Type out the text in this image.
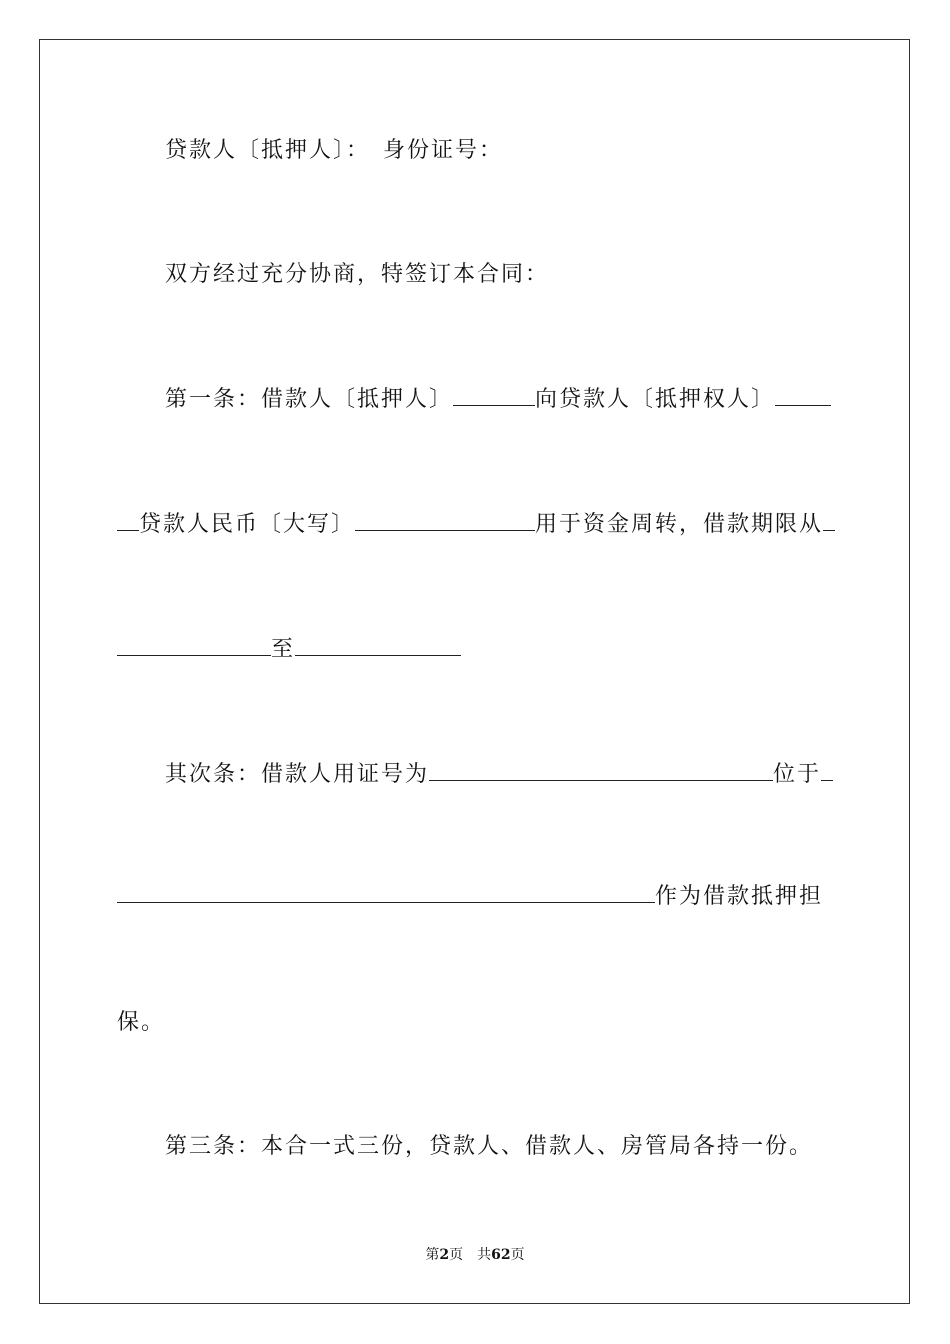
贷款人〔抵押人〕：　身份证号：
双方经过充分协商，特签订本合同：
第一条：借款人〔抵押人〕	向贷款人〔抵押权人〕
贷款人民币〔大写〕	用于资金周转，借款期限从
至
其次条：借款人用证号为	位于
作为借款抵押担
保。
第三条：本合一式三份，贷款人、借款人、房管局各持一份。
第2页 共62页
